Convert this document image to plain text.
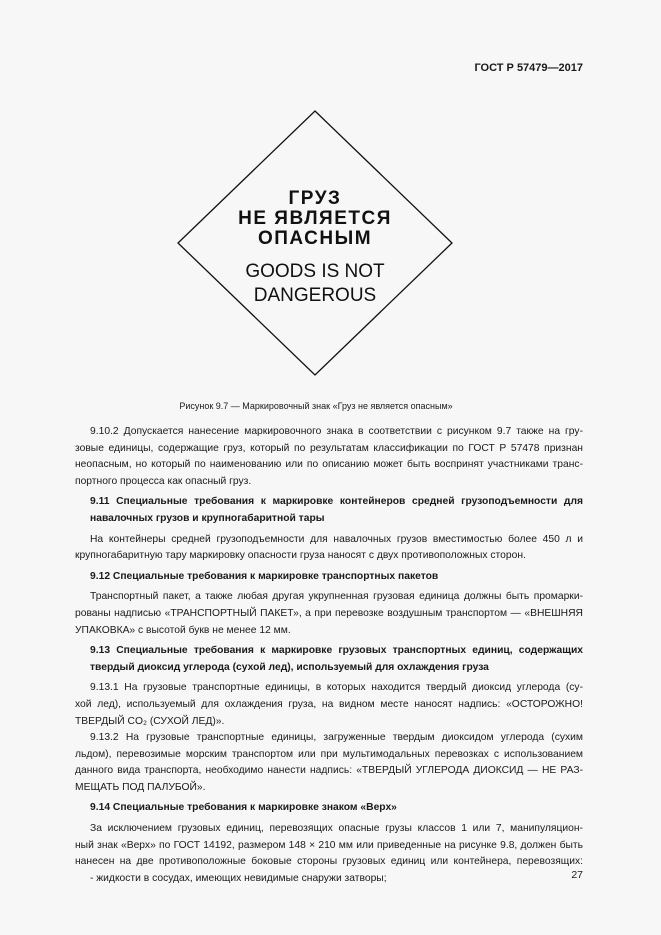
ГОСТ Р 57479—2017
ГРУЗ
НЕ ЯВЛЯЕТСЯ
ОПАСНЫМ
GOODS IS NOT
DANGEROUS
Рисунок 9.7 — Маркировочный знак «Груз не является опасным»
9.10.2 Допускается нанесение маркировочного знака в соответствии с рисунком 9.7 также на гру-
зовые единицы, содержащие груз, который по результатам классификации по ГОСТ Р 57478 признан
неопасным, но который по наименованию или по описанию может быть воспринят участниками транс-
портного процесса как опасный груз.
9.11 Специальные требования к маркировке контейнеров средней грузоподъемности для
навалочных грузов и крупногабаритной тары
На контейнеры средней грузоподъемности для навалочных грузов вместимостью более 450 л и
крупногабаритную тару маркировку опасности груза наносят с двух противоположных сторон.
9.12 Специальные требования к маркировке транспортных пакетов
Транспортный пакет, а также любая другая укрупненная грузовая единица должны быть промарки-
рованы надписью «ТРАНСПОРТНЫЙ ПАКЕТ», а при перевозке воздушным транспортом — «ВНЕШНЯЯ
УПАКОВКА» с высотой букв не менее 12 мм.
9.13 Специальные требования к маркировке грузовых транспортных единиц, содержащих
твердый диоксид углерода (сухой лед), используемый для охлаждения груза
9.13.1 На грузовые транспортные единицы, в которых находится твердый диоксид углерода (су-
хой лед), используемый для охлаждения груза, на видном месте наносят надпись: «ОСТОРОЖНО!
ТВЕРДЫЙ CO₂ (СУХОЙ ЛЕД)».
9.13.2 На грузовые транспортные единицы, загруженные твердым диоксидом углерода (сухим
льдом), перевозимые морским транспортом или при мультимодальных перевозках с использованием
данного вида транспорта, необходимо нанести надпись: «ТВЕРДЫЙ УГЛЕРОДА ДИОКСИД — НЕ РАЗ-
МЕЩАТЬ ПОД ПАЛУБОЙ».
9.14 Специальные требования к маркировке знаком «Верх»
За исключением грузовых единиц, перевозящих опасные грузы классов 1 или 7, манипуляцион-
ный знак «Верх» по ГОСТ 14192, размером 148 × 210 мм или приведенные на рисунке 9.8, должен быть
нанесен на две противоположные боковые стороны грузовых единиц или контейнера, перевозящих:
- жидкости в сосудах, имеющих невидимые снаружи затворы;	27
